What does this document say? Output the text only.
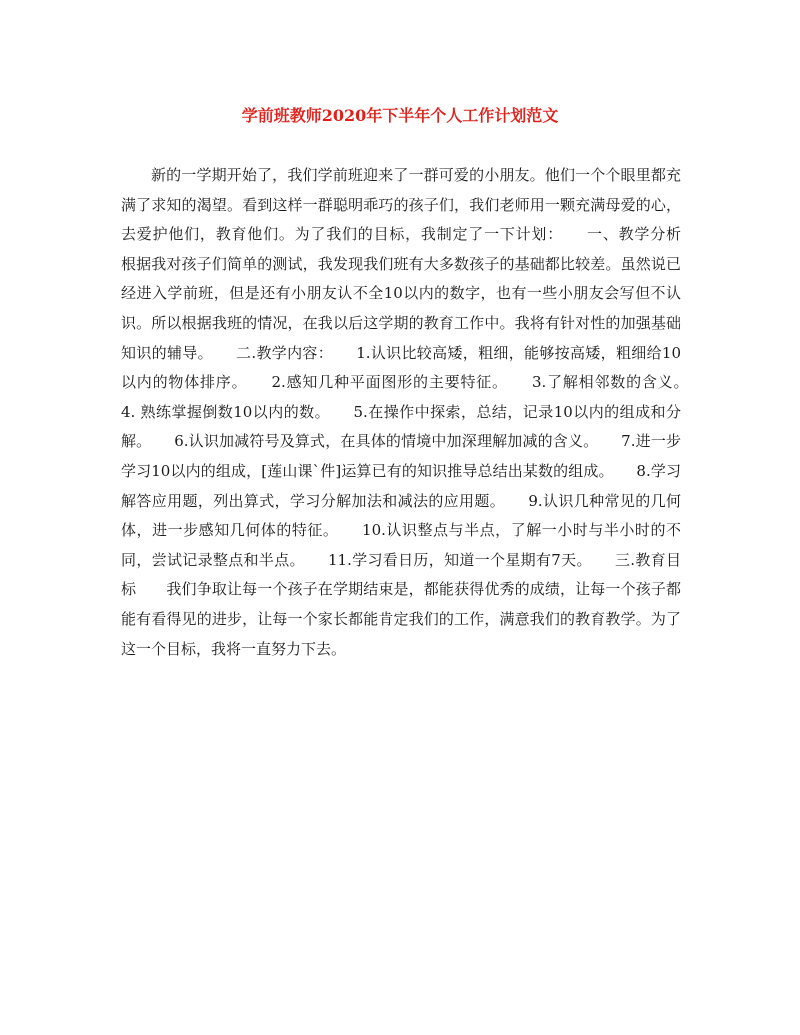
学前班教师2020年下半年个人工作计划范文

新的一学期开始了，我们学前班迎来了一群可爱的小朋友。他们一个个眼里都充满了求知的渴望。看到这样一群聪明乖巧的孩子们，我们老师用一颗充满母爱的心，去爱护他们，教育他们。为了我们的目标，我制定了一下计划：　　一、教学分析　　根据我对孩子们简单的测试，我发现我们班有大多数孩子的基础都比较差。虽然说已经进入学前班，但是还有小朋友认不全10以内的数字，也有一些小朋友会写但不认识。所以根据我班的情况，在我以后这学期的教育工作中。我将有针对性的加强基础知识的辅导。　　二.教学内容：　　1.认识比较高矮，粗细，能够按高矮，粗细给10以内的物体排序。　　2.感知几种平面图形的主要特征。　　3.了解相邻数的含义。　　4. 熟练掌握倒数10以内的数。　　5.在操作中探索，总结，记录10以内的组成和分解。　　6.认识加减符号及算式，在具体的情境中加深理解加减的含义。　　7.进一步学习10以内的组成，[莲山课`件]运算已有的知识推导总结出某数的组成。　　8.学习解答应用题，列出算式，学习分解加法和减法的应用题。　　9.认识几种常见的几何体，进一步感知几何体的特征。　　10.认识整点与半点，了解一小时与半小时的不同，尝试记录整点和半点。　　11.学习看日历，知道一个星期有7天。　　三.教育目标　　我们争取让每一个孩子在学期结束是，都能获得优秀的成绩，让每一个孩子都能有看得见的进步，让每一个家长都能肯定我们的工作，满意我们的教育教学。为了这一个目标，我将一直努力下去。
